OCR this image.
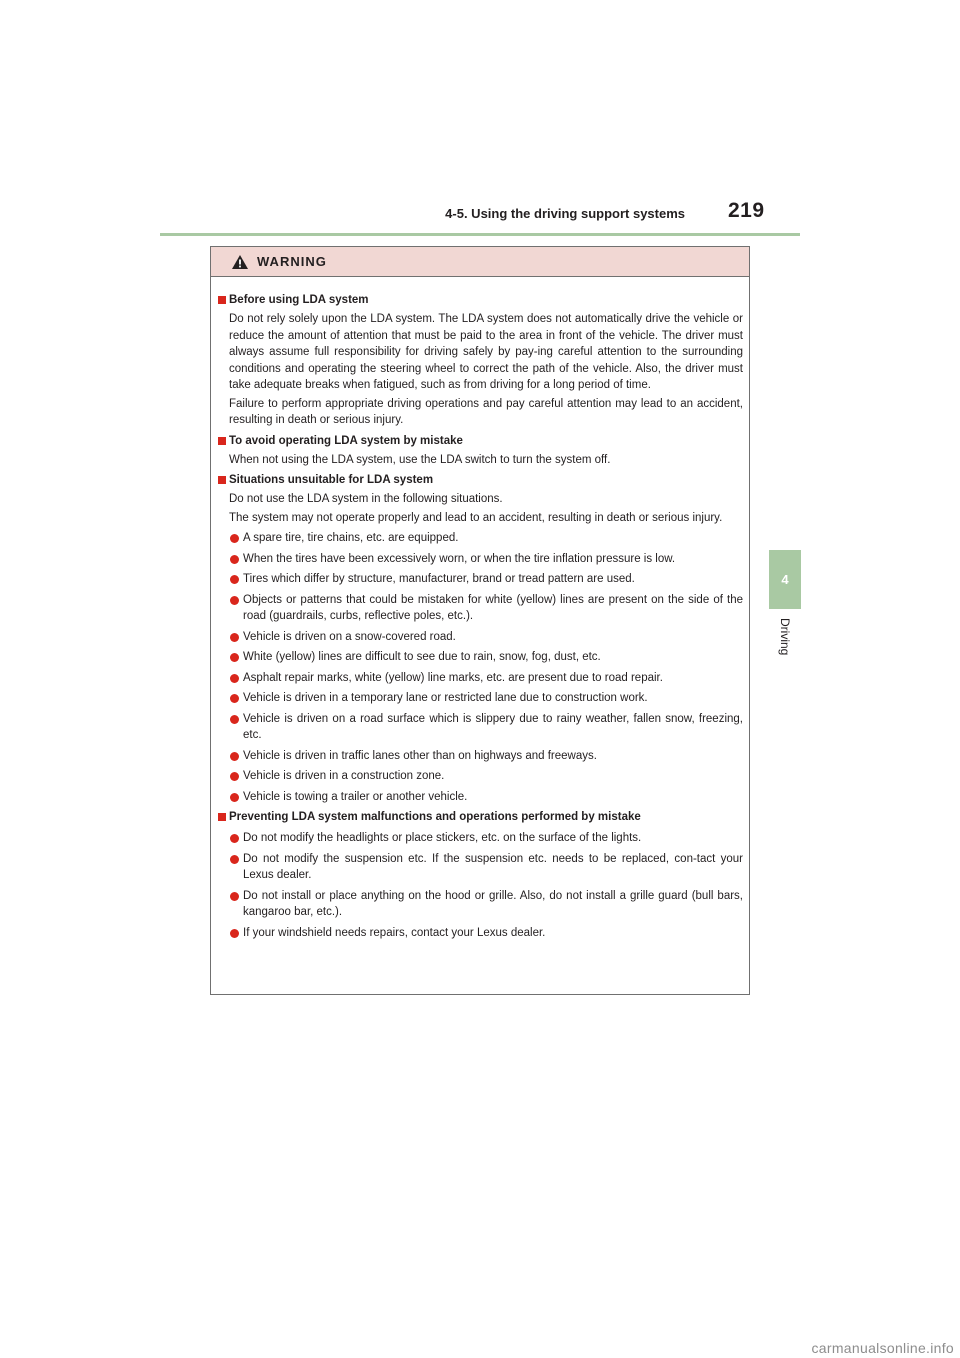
4-5. Using the driving support systems 219
4
Driving
WARNING
Before using LDA system
Do not rely solely upon the LDA system. The LDA system does not automatically drive the vehicle or reduce the amount of attention that must be paid to the area in front of the vehicle. The driver must always assume full responsibility for driving safely by pay-ing careful attention to the surrounding conditions and operating the steering wheel to correct the path of the vehicle. Also, the driver must take adequate breaks when fatigued, such as from driving for a long period of time.
Failure to perform appropriate driving operations and pay careful attention may lead to an accident, resulting in death or serious injury.
To avoid operating LDA system by mistake
When not using the LDA system, use the LDA switch to turn the system off.
Situations unsuitable for LDA system
Do not use the LDA system in the following situations.
The system may not operate properly and lead to an accident, resulting in death or serious injury.
A spare tire, tire chains, etc. are equipped.
When the tires have been excessively worn, or when the tire inflation pressure is low.
Tires which differ by structure, manufacturer, brand or tread pattern are used.
Objects or patterns that could be mistaken for white (yellow) lines are present on the side of the road (guardrails, curbs, reflective poles, etc.).
Vehicle is driven on a snow-covered road.
White (yellow) lines are difficult to see due to rain, snow, fog, dust, etc.
Asphalt repair marks, white (yellow) line marks, etc. are present due to road repair.
Vehicle is driven in a temporary lane or restricted lane due to construction work.
Vehicle is driven on a road surface which is slippery due to rainy weather, fallen snow, freezing, etc.
Vehicle is driven in traffic lanes other than on highways and freeways.
Vehicle is driven in a construction zone.
Vehicle is towing a trailer or another vehicle.
Preventing LDA system malfunctions and operations performed by mistake
Do not modify the headlights or place stickers, etc. on the surface of the lights.
Do not modify the suspension etc. If the suspension etc. needs to be replaced, con-tact your Lexus dealer.
Do not install or place anything on the hood or grille. Also, do not install a grille guard (bull bars, kangaroo bar, etc.).
If your windshield needs repairs, contact your Lexus dealer.
carmanualsonline.info
